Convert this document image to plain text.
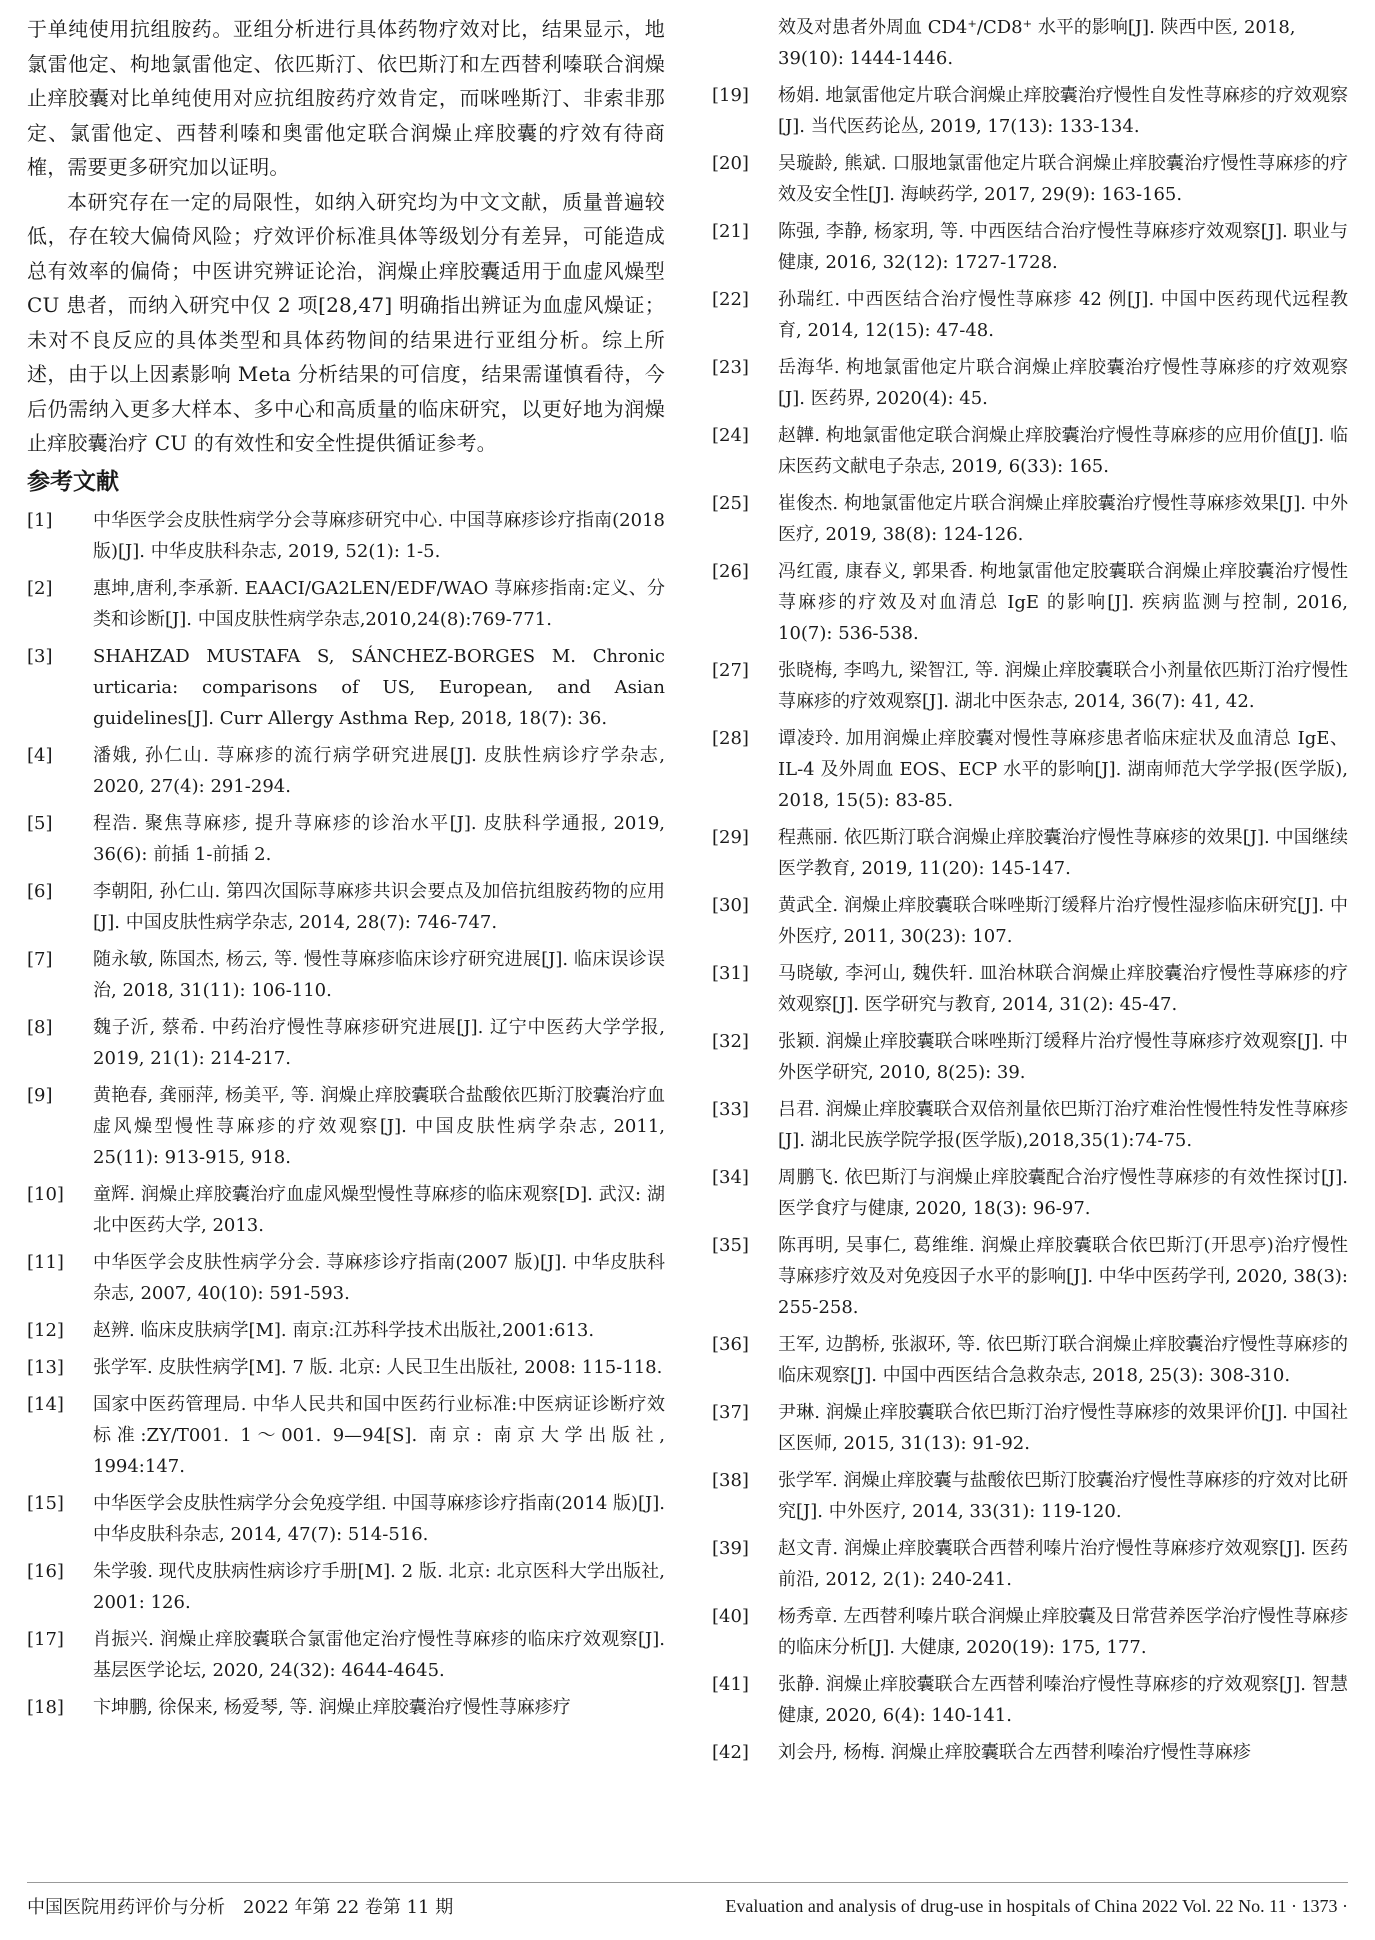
于单纯使用抗组胺药。亚组分析进行具体药物疗效对比，结果显示，地氯雷他定、枸地氯雷他定、依匹斯汀、依巴斯汀和左西替利嗪联合润燥止痒胶囊对比单纯使用对应抗组胺药疗效肯定，而咪唑斯汀、非索非那定、氯雷他定、西替利嗪和奥雷他定联合润燥止痒胶囊的疗效有待商榷，需要更多研究加以证明。

本研究存在一定的局限性，如纳入研究均为中文文献，质量普遍较低，存在较大偏倚风险；疗效评价标准具体等级划分有差异，可能造成总有效率的偏倚；中医讲究辨证论治，润燥止痒胶囊适用于血虚风燥型 CU 患者，而纳入研究中仅 2 项[28,47] 明确指出辨证为血虚风燥证；未对不良反应的具体类型和具体药物间的结果进行亚组分析。综上所述，由于以上因素影响 Meta 分析结果的可信度，结果需谨慎看待，今后仍需纳入更多大样本、多中心和高质量的临床研究，以更好地为润燥止痒胶囊治疗 CU 的有效性和安全性提供循证参考。

参考文献
[1]	中华医学会皮肤性病学分会荨麻疹研究中心. 中国荨麻疹诊疗指南(2018 版)[J]. 中华皮肤科杂志, 2019, 52(1): 1-5.
[2]	惠坤,唐利,李承新. EAACI/GA2LEN/EDF/WAO 荨麻疹指南:定义、分类和诊断[J]. 中国皮肤性病学杂志,2010,24(8):769-771.
[3]	SHAHZAD MUSTAFA S, SÁNCHEZ-BORGES M. Chronic urticaria: comparisons of US, European, and Asian guidelines[J]. Curr Allergy Asthma Rep, 2018, 18(7): 36.
[4]	潘娥, 孙仁山. 荨麻疹的流行病学研究进展[J]. 皮肤性病诊疗学杂志, 2020, 27(4): 291-294.
[5]	程浩. 聚焦荨麻疹, 提升荨麻疹的诊治水平[J]. 皮肤科学通报, 2019, 36(6): 前插 1-前插 2.
[6]	李朝阳, 孙仁山. 第四次国际荨麻疹共识会要点及加倍抗组胺药物的应用[J]. 中国皮肤性病学杂志, 2014, 28(7): 746-747.
[7]	随永敏, 陈国杰, 杨云, 等. 慢性荨麻疹临床诊疗研究进展[J]. 临床误诊误治, 2018, 31(11): 106-110.
[8]	魏子沂, 蔡希. 中药治疗慢性荨麻疹研究进展[J]. 辽宁中医药大学学报, 2019, 21(1): 214-217.
[9]	黄艳春, 龚丽萍, 杨美平, 等. 润燥止痒胶囊联合盐酸依匹斯汀胶囊治疗血虚风燥型慢性荨麻疹的疗效观察[J]. 中国皮肤性病学杂志, 2011, 25(11): 913-915, 918.
[10]	童辉. 润燥止痒胶囊治疗血虚风燥型慢性荨麻疹的临床观察[D]. 武汉: 湖北中医药大学, 2013.
[11]	中华医学会皮肤性病学分会. 荨麻疹诊疗指南(2007 版)[J]. 中华皮肤科杂志, 2007, 40(10): 591-593.
[12]	赵辨. 临床皮肤病学[M]. 南京:江苏科学技术出版社,2001:613.
[13]	张学军. 皮肤性病学[M]. 7 版. 北京: 人民卫生出版社, 2008: 115-118.
[14]	国家中医药管理局. 中华人民共和国中医药行业标准:中医病证诊断疗效标准:ZY/T001. 1～001. 9—94[S]. 南京: 南京大学出版社, 1994:147.
[15]	中华医学会皮肤性病学分会免疫学组. 中国荨麻疹诊疗指南(2014 版)[J]. 中华皮肤科杂志, 2014, 47(7): 514-516.
[16]	朱学骏. 现代皮肤病性病诊疗手册[M]. 2 版. 北京: 北京医科大学出版社, 2001: 126.
[17]	肖振兴. 润燥止痒胶囊联合氯雷他定治疗慢性荨麻疹的临床疗效观察[J]. 基层医学论坛, 2020, 24(32): 4644-4645.
[18]	卞坤鹏, 徐保来, 杨爱琴, 等. 润燥止痒胶囊治疗慢性荨麻疹疗
效及对患者外周血 CD4⁺/CD8⁺ 水平的影响[J]. 陕西中医, 2018, 39(10): 1444-1446.
[19]	杨娟. 地氯雷他定片联合润燥止痒胶囊治疗慢性自发性荨麻疹的疗效观察[J]. 当代医药论丛, 2019, 17(13): 133-134.
[20]	吴璇龄, 熊斌. 口服地氯雷他定片联合润燥止痒胶囊治疗慢性荨麻疹的疗效及安全性[J]. 海峡药学, 2017, 29(9): 163-165.
[21]	陈强, 李静, 杨家玥, 等. 中西医结合治疗慢性荨麻疹疗效观察[J]. 职业与健康, 2016, 32(12): 1727-1728.
[22]	孙瑞红. 中西医结合治疗慢性荨麻疹 42 例[J]. 中国中医药现代远程教育, 2014, 12(15): 47-48.
[23]	岳海华. 枸地氯雷他定片联合润燥止痒胶囊治疗慢性荨麻疹的疗效观察[J]. 医药界, 2020(4): 45.
[24]	赵韡. 枸地氯雷他定联合润燥止痒胶囊治疗慢性荨麻疹的应用价值[J]. 临床医药文献电子杂志, 2019, 6(33): 165.
[25]	崔俊杰. 枸地氯雷他定片联合润燥止痒胶囊治疗慢性荨麻疹效果[J]. 中外医疗, 2019, 38(8): 124-126.
[26]	冯红霞, 康春义, 郭果香. 枸地氯雷他定胶囊联合润燥止痒胶囊治疗慢性荨麻疹的疗效及对血清总 IgE 的影响[J]. 疾病监测与控制, 2016, 10(7): 536-538.
[27]	张晓梅, 李鸣九, 梁智江, 等. 润燥止痒胶囊联合小剂量依匹斯汀治疗慢性荨麻疹的疗效观察[J]. 湖北中医杂志, 2014, 36(7): 41, 42.
[28]	谭凌玲. 加用润燥止痒胶囊对慢性荨麻疹患者临床症状及血清总 IgE、IL-4 及外周血 EOS、ECP 水平的影响[J]. 湖南师范大学学报(医学版), 2018, 15(5): 83-85.
[29]	程燕丽. 依匹斯汀联合润燥止痒胶囊治疗慢性荨麻疹的效果[J]. 中国继续医学教育, 2019, 11(20): 145-147.
[30]	黄武全. 润燥止痒胶囊联合咪唑斯汀缓释片治疗慢性湿疹临床研究[J]. 中外医疗, 2011, 30(23): 107.
[31]	马晓敏, 李河山, 魏佚轩. 皿治林联合润燥止痒胶囊治疗慢性荨麻疹的疗效观察[J]. 医学研究与教育, 2014, 31(2): 45-47.
[32]	张颖. 润燥止痒胶囊联合咪唑斯汀缓释片治疗慢性荨麻疹疗效观察[J]. 中外医学研究, 2010, 8(25): 39.
[33]	吕君. 润燥止痒胶囊联合双倍剂量依巴斯汀治疗难治性慢性特发性荨麻疹[J]. 湖北民族学院学报(医学版),2018,35(1):74-75.
[34]	周鹏飞. 依巴斯汀与润燥止痒胶囊配合治疗慢性荨麻疹的有效性探讨[J]. 医学食疗与健康, 2020, 18(3): 96-97.
[35]	陈再明, 吴事仁, 葛维维. 润燥止痒胶囊联合依巴斯汀(开思亭)治疗慢性荨麻疹疗效及对免疫因子水平的影响[J]. 中华中医药学刊, 2020, 38(3): 255-258.
[36]	王军, 边鹊桥, 张淑环, 等. 依巴斯汀联合润燥止痒胶囊治疗慢性荨麻疹的临床观察[J]. 中国中西医结合急救杂志, 2018, 25(3): 308-310.
[37]	尹琳. 润燥止痒胶囊联合依巴斯汀治疗慢性荨麻疹的效果评价[J]. 中国社区医师, 2015, 31(13): 91-92.
[38]	张学军. 润燥止痒胶囊与盐酸依巴斯汀胶囊治疗慢性荨麻疹的疗效对比研究[J]. 中外医疗, 2014, 33(31): 119-120.
[39]	赵文青. 润燥止痒胶囊联合西替利嗪片治疗慢性荨麻疹疗效观察[J]. 医药前沿, 2012, 2(1): 240-241.
[40]	杨秀章. 左西替利嗪片联合润燥止痒胶囊及日常营养医学治疗慢性荨麻疹的临床分析[J]. 大健康, 2020(19): 175, 177.
[41]	张静. 润燥止痒胶囊联合左西替利嗪治疗慢性荨麻疹的疗效观察[J]. 智慧健康, 2020, 6(4): 140-141.
[42]	刘会丹, 杨梅. 润燥止痒胶囊联合左西替利嗪治疗慢性荨麻疹
中国医院用药评价与分析　2022 年第 22 卷第 11 期	Evaluation and analysis of drug-use in hospitals of China 2022 Vol. 22 No. 11 · 1373 ·
